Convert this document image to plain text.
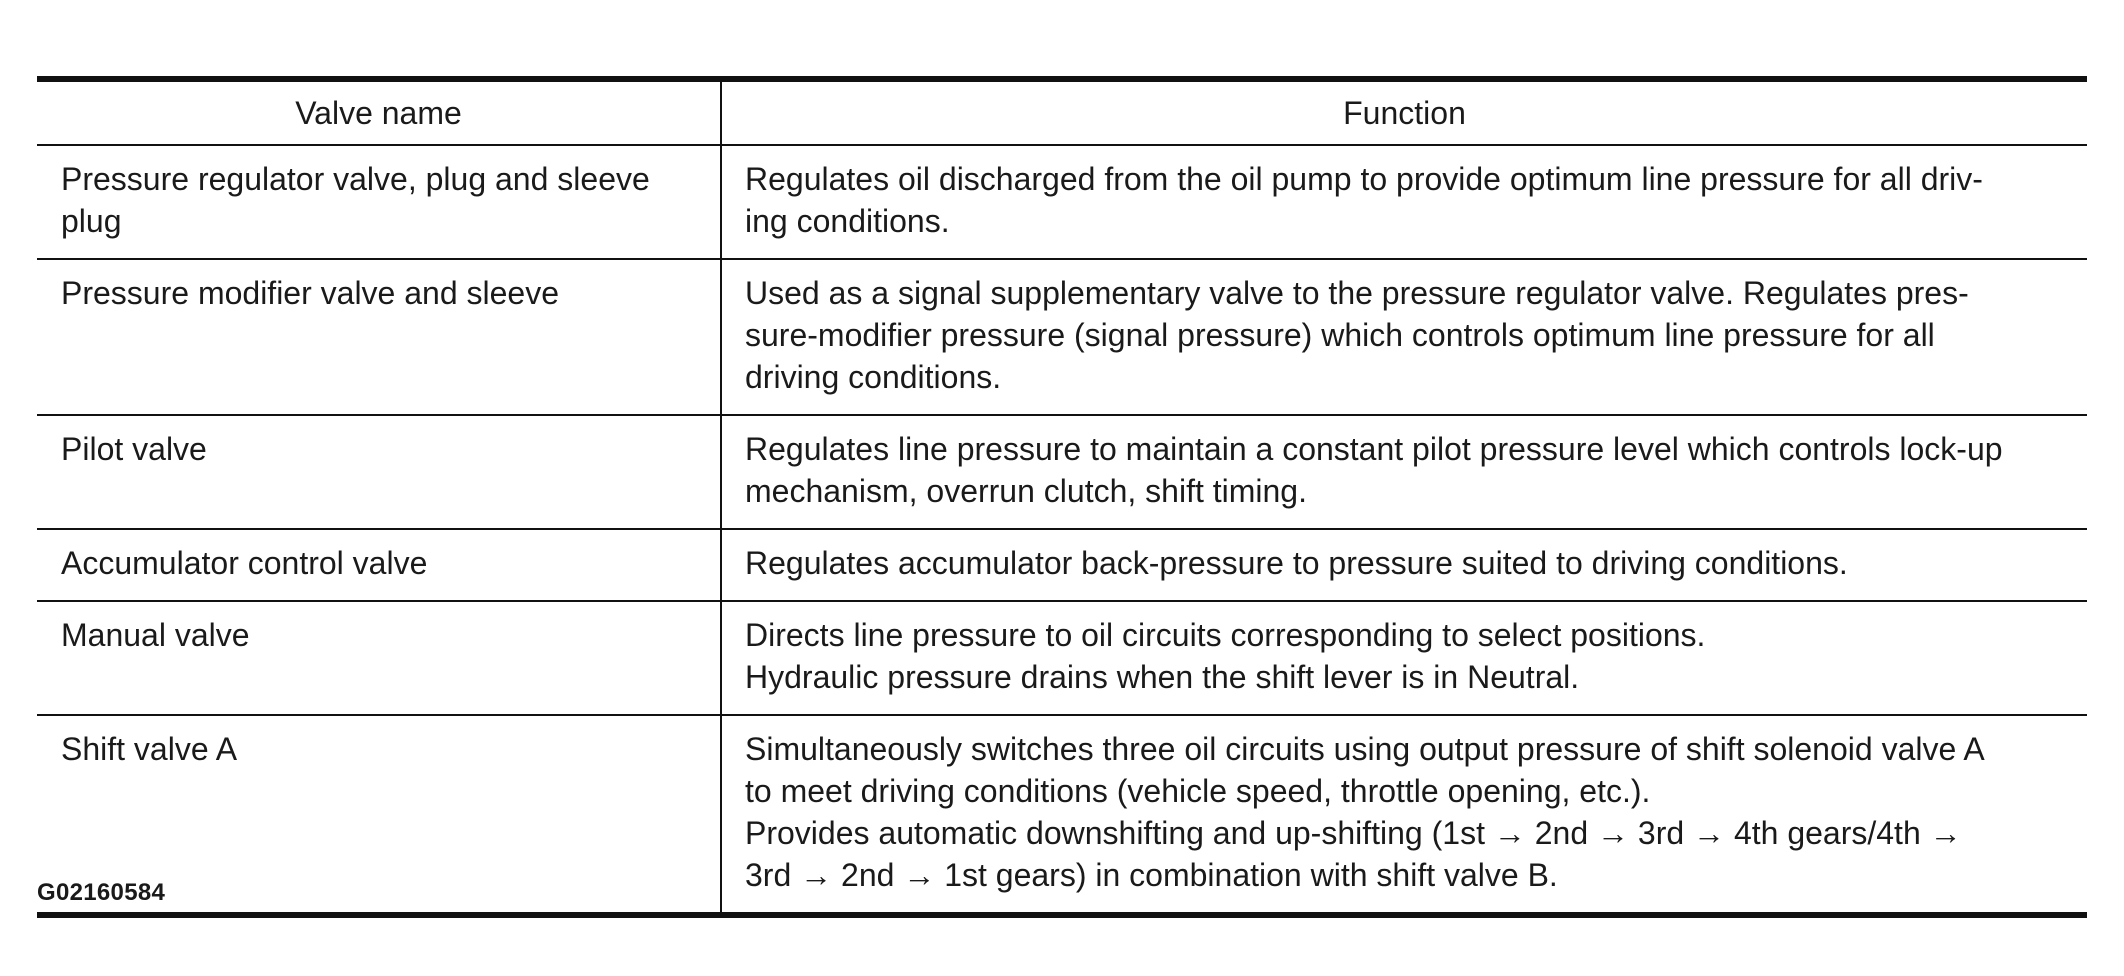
Valve name	Function

Pressure regulator valve, plug and sleeve
plug	Regulates oil discharged from the oil pump to provide optimum line pressure for all driv-
ing conditions.

Pressure modifier valve and sleeve	Used as a signal supplementary valve to the pressure regulator valve. Regulates pres-
sure-modifier pressure (signal pressure) which controls optimum line pressure for all
driving conditions.

Pilot valve	Regulates line pressure to maintain a constant pilot pressure level which controls lock-up
mechanism, overrun clutch, shift timing.

Accumulator control valve	Regulates accumulator back-pressure to pressure suited to driving conditions.

Manual valve	Directs line pressure to oil circuits corresponding to select positions.
Hydraulic pressure drains when the shift lever is in Neutral.

Shift valve A	Simultaneously switches three oil circuits using output pressure of shift solenoid valve A
to meet driving conditions (vehicle speed, throttle opening, etc.).
Provides automatic downshifting and up-shifting (1st → 2nd → 3rd → 4th gears/4th →
3rd → 2nd → 1st gears) in combination with shift valve B.
G02160584
